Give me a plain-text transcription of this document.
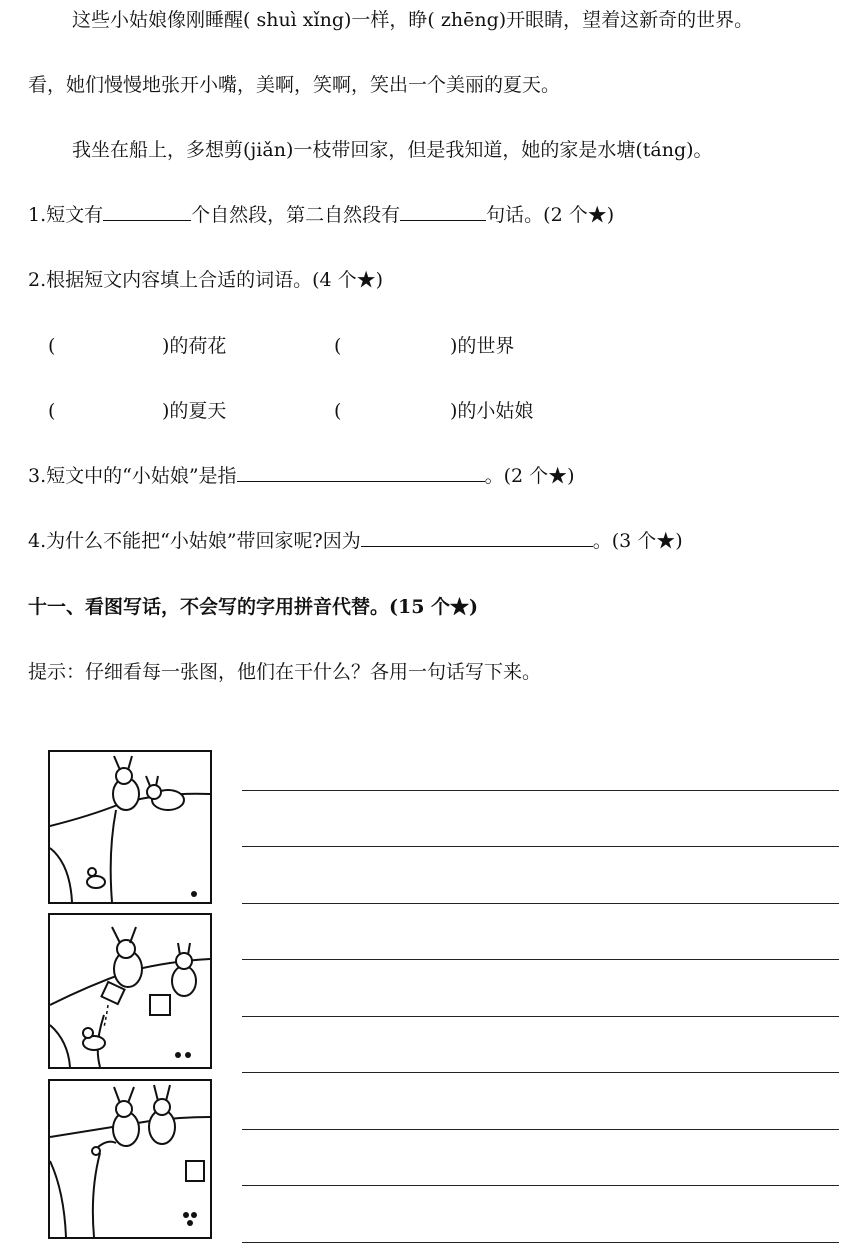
这些小姑娘像刚睡醒( shuì xǐng)一样，睁( zhēng)开眼睛，望着这新奇的世界。
看，她们慢慢地张开小嘴，美啊，笑啊，笑出一个美丽的夏天。
我坐在船上，多想剪(jiǎn)一枝带回家，但是我知道，她的家是水塘(táng)。
1.短文有	个自然段，第二自然段有	句话。(2 个★)
2.根据短文内容填上合适的词语。(4 个★)
(	)的荷花	(	)的世界
(	)的夏天	(	)的小姑娘
3.短文中的“小姑娘”是指	。(2 个★)
4.为什么不能把“小姑娘”带回家呢?因为	。(3 个★)
十一、看图写话，不会写的字用拼音代替。(15 个★)
提示：仔细看每一张图，他们在干什么？各用一句话写下来。
